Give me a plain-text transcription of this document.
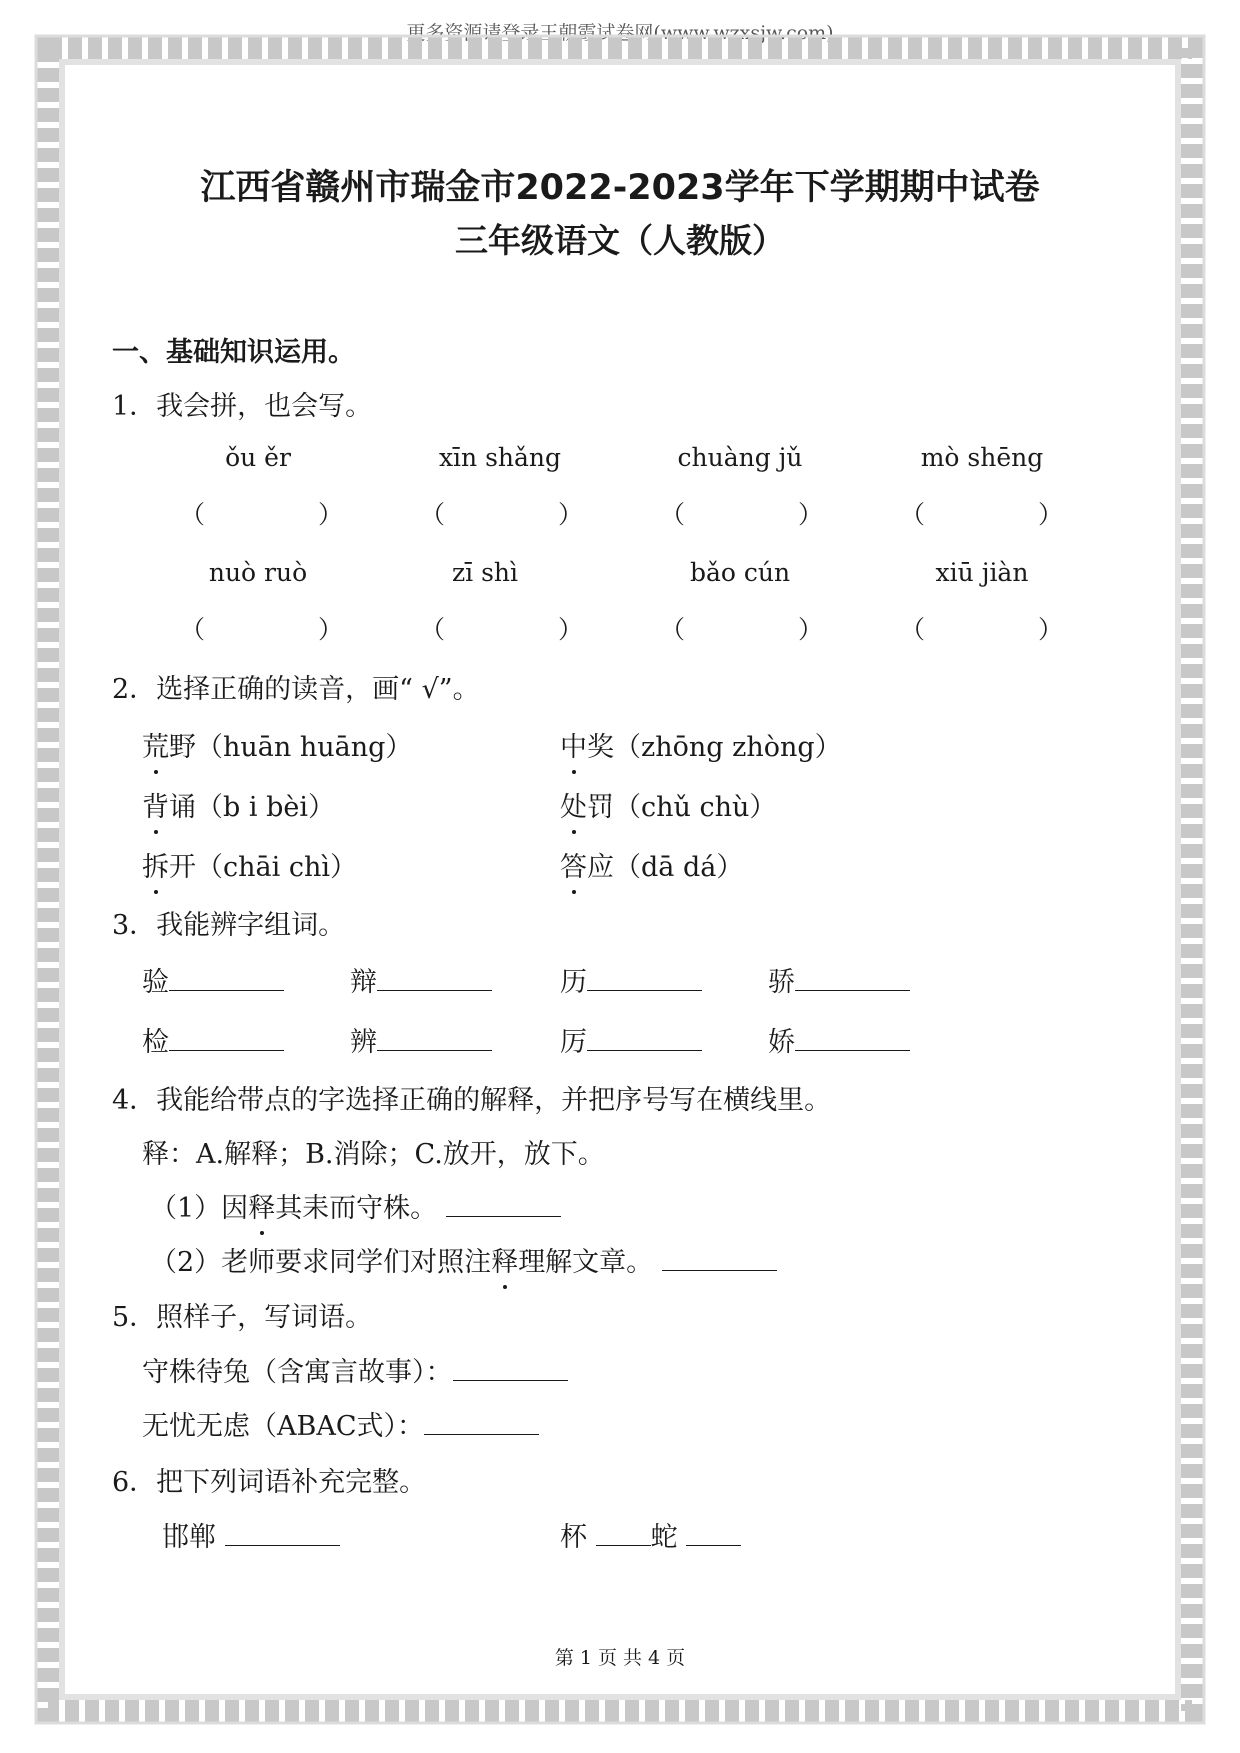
更多资源请登录王朝霞试卷网(www.wzxsjw.com)
江西省赣州市瑞金市2022-2023学年下学期期中试卷
三年级语文（人教版）
一、基础知识运用。
1．我会拼，也会写。
ǒu ěr	xīn shǎng	chuàng jǔ	mò shēng
（	）	（	）	（	）	（	）
nuò ruò	zī shì	bǎo cún	xiū jiàn
（	）	（	）	（	）	（	）
2．选择正确的读音，画“ √”。
荒野（huān huāng）	中奖（zhōng zhòng）
背诵（b i bèi）	处罚（chǔ chù）
拆开（chāi chì）	答应（dā dá）
3．我能辨字组词。
验	辩	历	骄
检	辨	厉	娇
4．我能给带点的字选择正确的解释，并把序号写在横线里。
释：A.解释；B.消除；C.放开，放下。
（1）因释其耒而守株。
（2）老师要求同学们对照注释理解文章。
5．照样子，写词语。
守株待兔（含寓言故事）：
无忧无虑（ABAC式）：
6．把下列词语补充完整。
邯郸	杯 蛇
第 1 页 共 4 页
